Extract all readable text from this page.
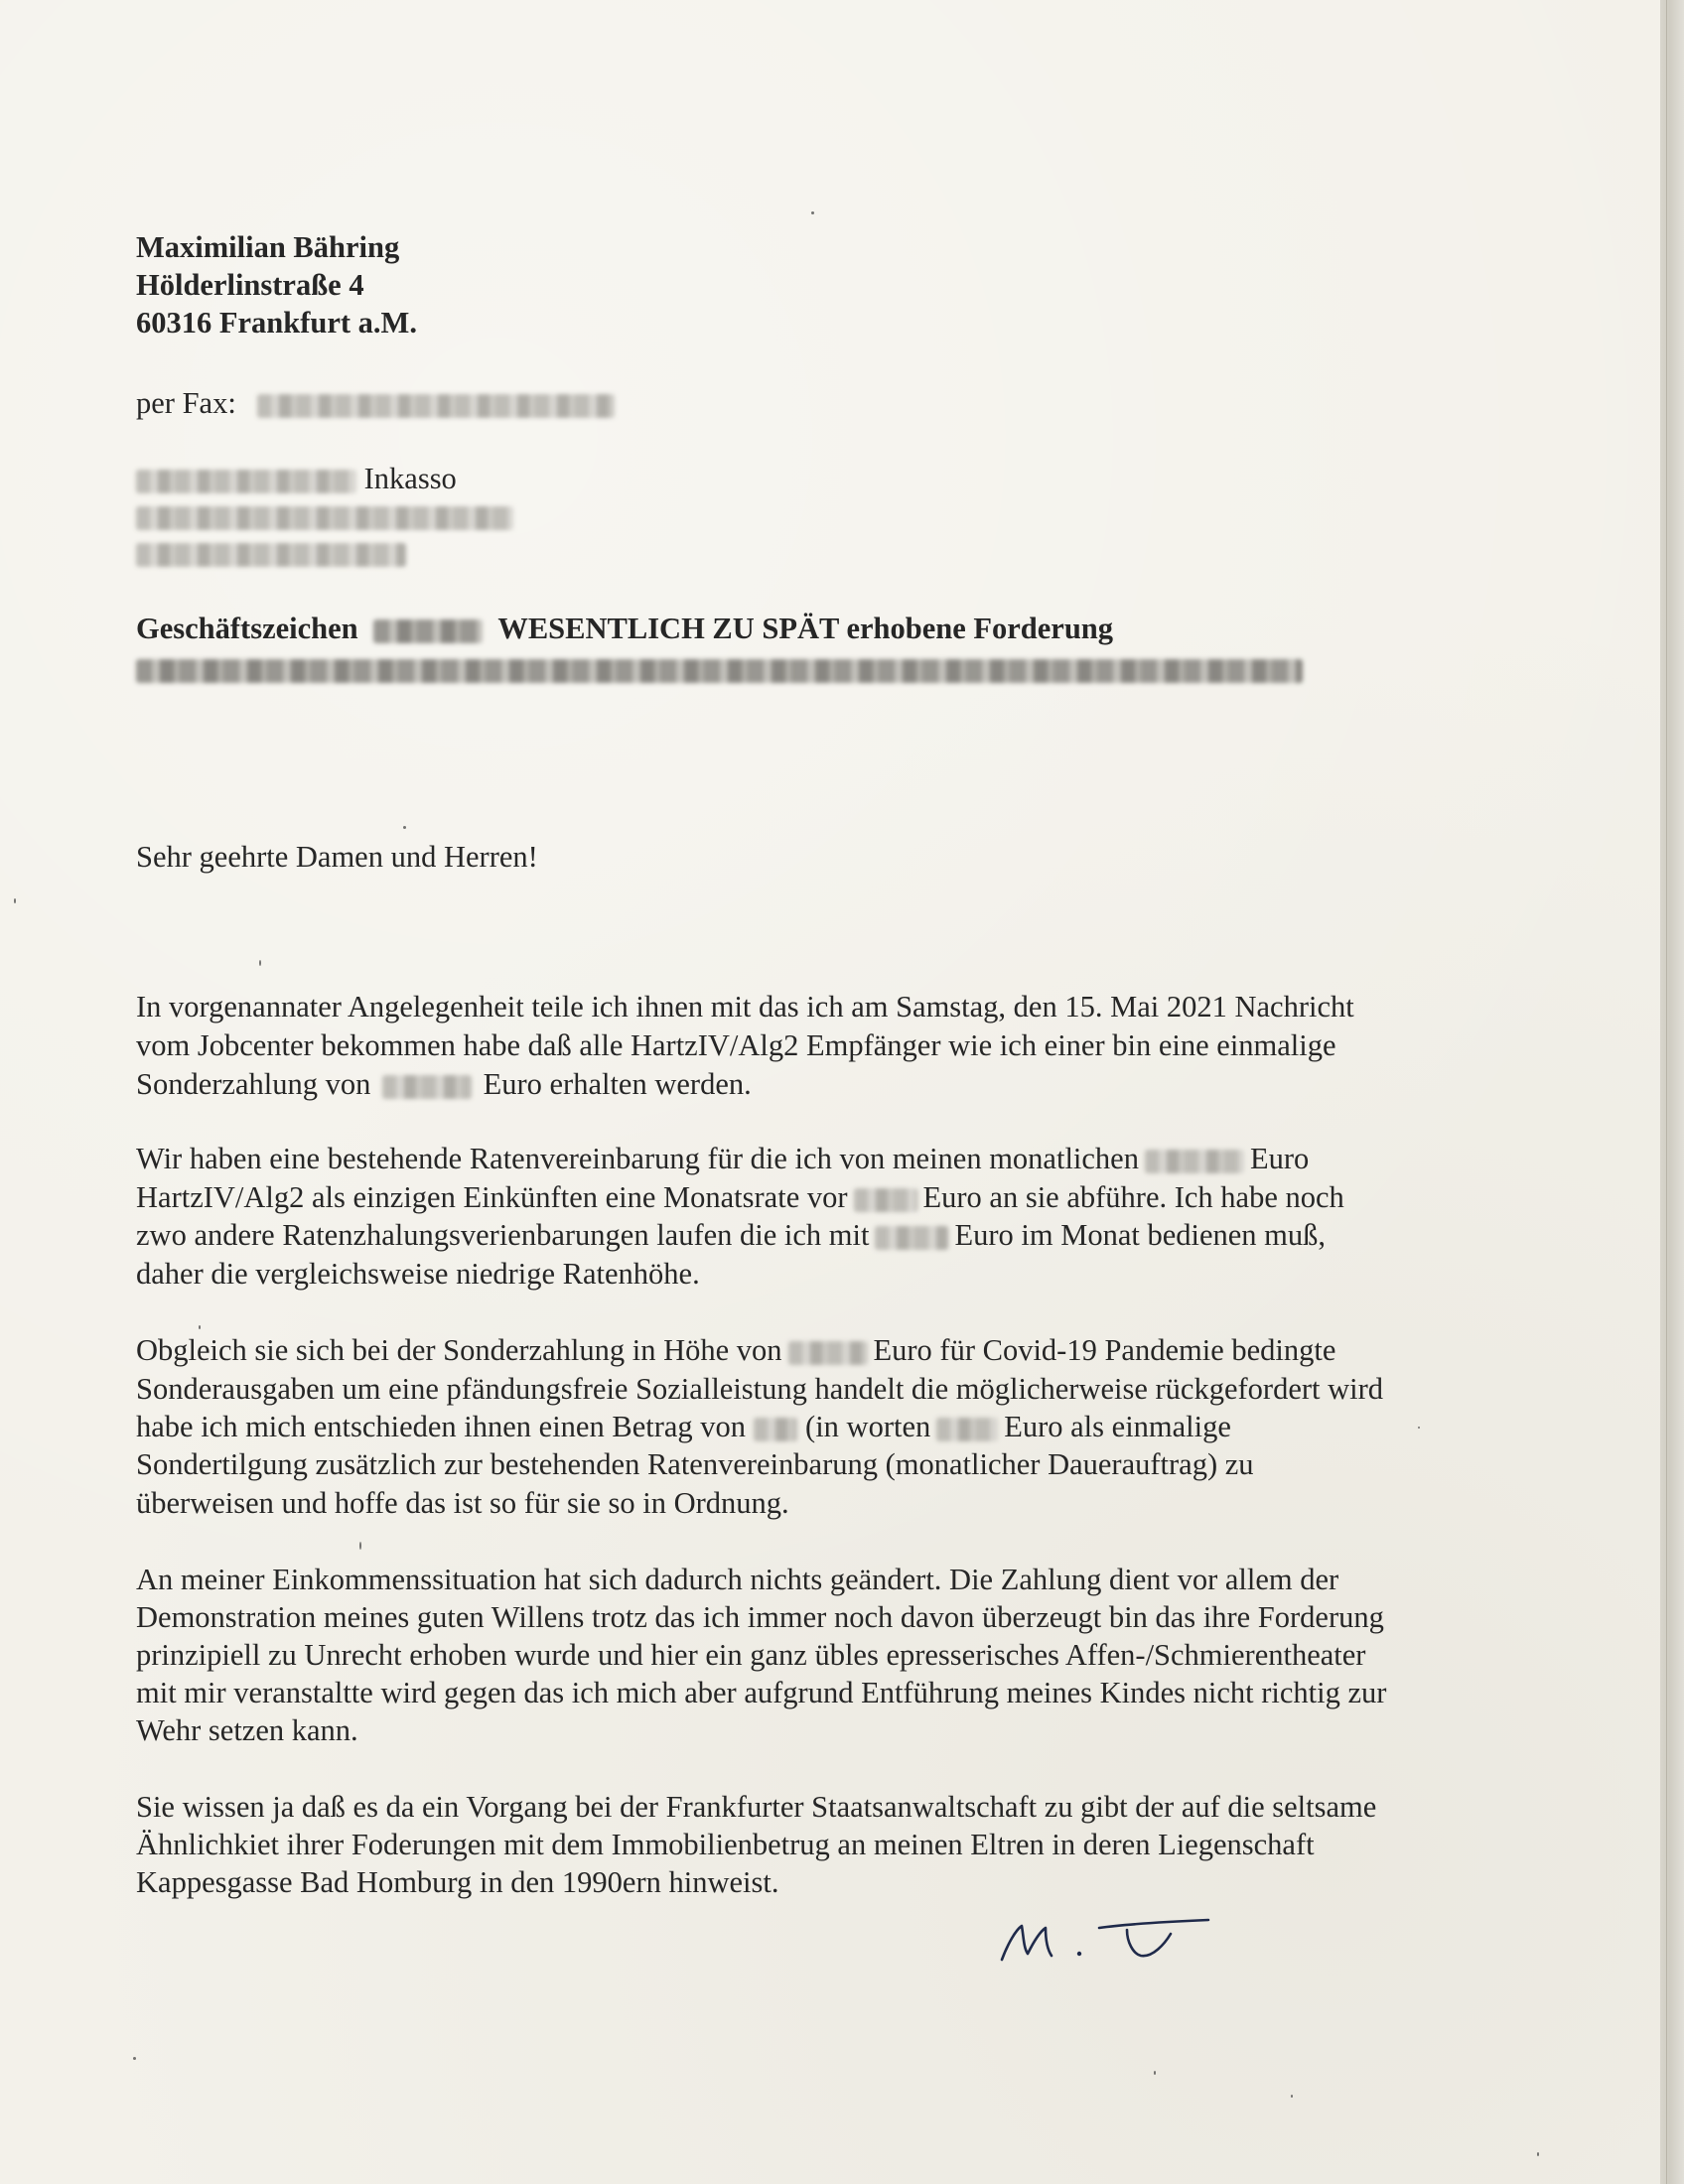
Maximilian Bähring

Hölderlinstraße 4

60316 Frankfurt a.M.

per Fax:

Inkasso

Geschäftszeichen	WESENTLICH ZU SPÄT erhobene Forderung

Sehr geehrte Damen und Herren!

In vorgenannater Angelegenheit teile ich ihnen mit das ich am Samstag, den 15. Mai 2021 Nachricht

vom Jobcenter bekommen habe daß alle HartzIV/Alg2 Empfänger wie ich einer bin eine einmalige

Sonderzahlung von	Euro erhalten werden.

Wir haben eine bestehende Ratenvereinbarung für die ich von meinen monatlichen	Euro

HartzIV/Alg2 als einzigen Einkünften eine Monatsrate vor Euro an sie abführe. Ich habe noch

zwo andere Ratenzhalungsverienbarungen laufen die ich mit	Euro im Monat bedienen muß,

daher die vergleichsweise niedrige Ratenhöhe.

Obgleich sie sich bei der Sonderzahlung in Höhe von	Euro für Covid-19 Pandemie bedingte

Sonderausgaben um eine pfändungsfreie Sozialleistung handelt die möglicherweise rückgefordert wird

habe ich mich entschieden ihnen einen Betrag von (in worten Euro als einmalige

Sondertilgung zusätzlich zur bestehenden Ratenvereinbarung (monatlicher Dauerauftrag) zu

überweisen und hoffe das ist so für sie so in Ordnung.

An meiner Einkommenssituation hat sich dadurch nichts geändert. Die Zahlung dient vor allem der

Demonstration meines guten Willens trotz das ich immer noch davon überzeugt bin das ihre Forderung

prinzipiell zu Unrecht erhoben wurde und hier ein ganz übles epresserisches Affen-/Schmierentheater

mit mir veranstaltte wird gegen das ich mich aber aufgrund Entführung meines Kindes nicht richtig zur

Wehr setzen kann.

Sie wissen ja daß es da ein Vorgang bei der Frankfurter Staatsanwaltschaft zu gibt der auf die seltsame

Ähnlichkiet ihrer Foderungen mit dem Immobilienbetrug an meinen Eltren in deren Liegenschaft

Kappesgasse Bad Homburg in den 1990ern hinweist.
